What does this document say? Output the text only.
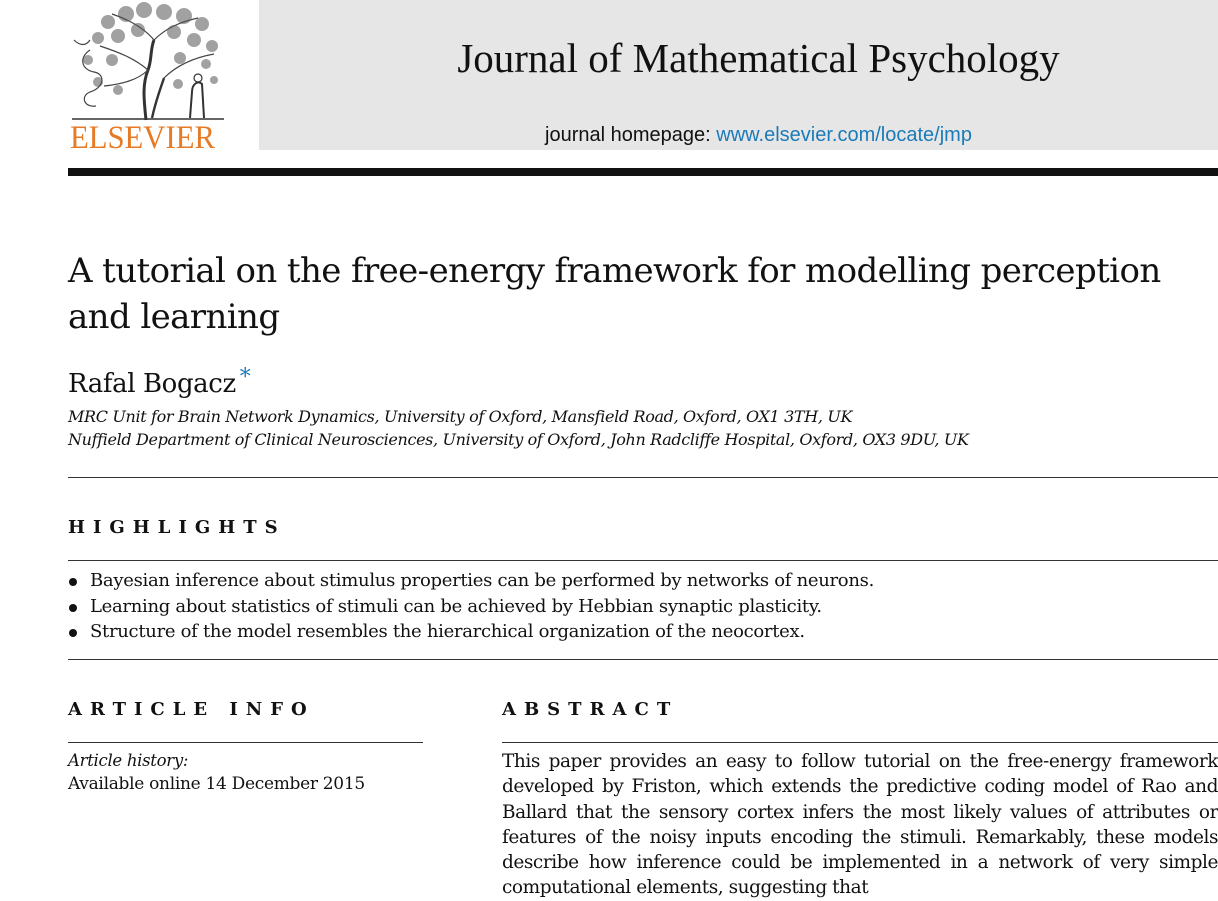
ELSEVIER
Journal of Mathematical Psychology
journal homepage: www.elsevier.com/locate/jmp
A tutorial on the free-energy framework for modelling perception and learning
Rafal Bogacz *
MRC Unit for Brain Network Dynamics, University of Oxford, Mansfield Road, Oxford, OX1 3TH, UK
Nuffield Department of Clinical Neurosciences, University of Oxford, John Radcliffe Hospital, Oxford, OX3 9DU, UK
HIGHLIGHTS
Bayesian inference about stimulus properties can be performed by networks of neurons.
Learning about statistics of stimuli can be achieved by Hebbian synaptic plasticity.
Structure of the model resembles the hierarchical organization of the neocortex.
ARTICLE INFO
Article history:
Available online 14 December 2015
ABSTRACT
This paper provides an easy to follow tutorial on the free-energy framework developed by Friston, which extends the predictive coding model of Rao and Ballard that the sensory cortex infers the most likely values of attributes or features of the noisy inputs encoding the stimuli. Remarkably, these models describe how inference could be implemented in a network of very simple computational elements, suggesting that
